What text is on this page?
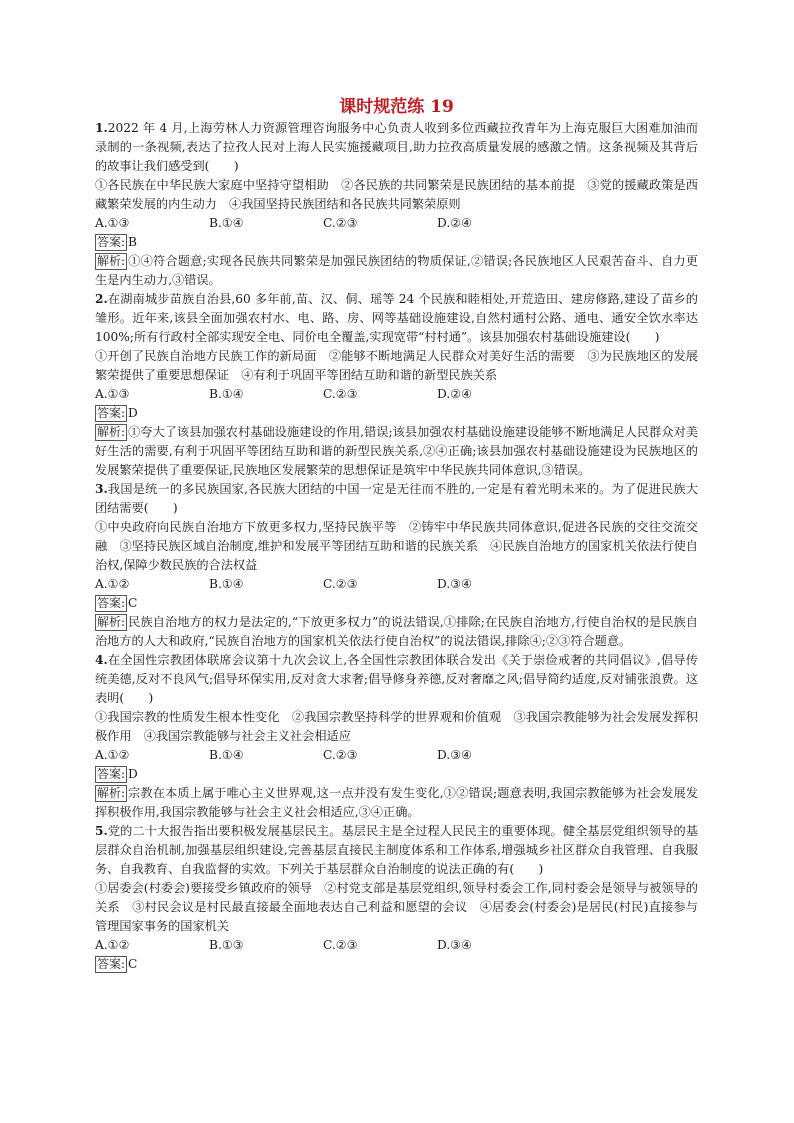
课时规范练 19
1.2022 年 4 月,上海劳林人力资源管理咨询服务中心负责人收到多位西藏拉孜青年为上海克服巨大困难加油而录制的一条视频,表达了拉孜人民对上海人民实施援藏项目,助力拉孜高质量发展的感激之情。这条视频及其背后的故事让我们感受到(　　)
①各民族在中华民族大家庭中坚持守望相助　②各民族的共同繁荣是民族团结的基本前提　③党的援藏政策是西藏繁荣发展的内生动力　④我国坚持民族团结和各民族共同繁荣原则
A.①③	B.①④	C.②③	D.②④
答案: B
解析: ①④符合题意;实现各民族共同繁荣是加强民族团结的物质保证,②错误;各民族地区人民艰苦奋斗、自力更生是内生动力,③错误。
2.在湖南城步苗族自治县,60 多年前,苗、汉、侗、瑶等 24 个民族和睦相处,开荒造田、建房修路,建设了苗乡的雏形。近年来,该县全面加强农村水、电、路、房、网等基础设施建设,自然村通村公路、通电、通安全饮水率达 100%;所有行政村全部实现安全电、同价电全覆盖,实现宽带“村村通”。该县加强农村基础设施建设(　　)
①开创了民族自治地方民族工作的新局面　②能够不断地满足人民群众对美好生活的需要　③为民族地区的发展繁荣提供了重要思想保证　④有利于巩固平等团结互助和谐的新型民族关系
A.①③	B.①④	C.②③	D.②④
答案: D
解析: ①夸大了该县加强农村基础设施建设的作用,错误;该县加强农村基础设施建设能够不断地满足人民群众对美好生活的需要,有利于巩固平等团结互助和谐的新型民族关系,②④正确;该县加强农村基础设施建设为民族地区的发展繁荣提供了重要保证,民族地区发展繁荣的思想保证是筑牢中华民族共同体意识,③错误。
3.我国是统一的多民族国家,各民族大团结的中国一定是无往而不胜的,一定是有着光明未来的。为了促进民族大团结需要(　　)
①中央政府向民族自治地方下放更多权力,坚持民族平等　②铸牢中华民族共同体意识,促进各民族的交往交流交融　③坚持民族区域自治制度,维护和发展平等团结互助和谐的民族关系　④民族自治地方的国家机关依法行使自治权,保障少数民族的合法权益
A.①②	B.①④	C.②③	D.③④
答案: C
解析: 民族自治地方的权力是法定的,“下放更多权力”的说法错误,①排除;在民族自治地方,行使自治权的是民族自治地方的人大和政府,“民族自治地方的国家机关依法行使自治权”的说法错误,排除④;②③符合题意。
4.在全国性宗教团体联席会议第十九次会议上,各全国性宗教团体联合发出《关于崇俭戒奢的共同倡议》,倡导传统美德,反对不良风气;倡导环保实用,反对贪大求奢;倡导修身养德,反对奢靡之风;倡导简约适度,反对铺张浪费。这表明(　　)
①我国宗教的性质发生根本性变化　②我国宗教坚持科学的世界观和价值观　③我国宗教能够为社会发展发挥积极作用　④我国宗教能够与社会主义社会相适应
A.①②	B.①④	C.②③	D.③④
答案: D
解析: 宗教在本质上属于唯心主义世界观,这一点并没有发生变化,①②错误;题意表明,我国宗教能够为社会发展发挥积极作用,我国宗教能够与社会主义社会相适应,③④正确。
5.党的二十大报告指出要积极发展基层民主。基层民主是全过程人民民主的重要体现。健全基层党组织领导的基层群众自治机制,加强基层组织建设,完善基层直接民主制度体系和工作体系,增强城乡社区群众自我管理、自我服务、自我教育、自我监督的实效。下列关于基层群众自治制度的说法正确的有(　　)
①居委会(村委会)要接受乡镇政府的领导　②村党支部是基层党组织,领导村委会工作,同村委会是领导与被领导的关系　③村民会议是村民最直接最全面地表达自己利益和愿望的会议　④居委会(村委会)是居民(村民)直接参与管理国家事务的国家机关
A.①②	B.①③	C.②③	D.③④
答案: C
